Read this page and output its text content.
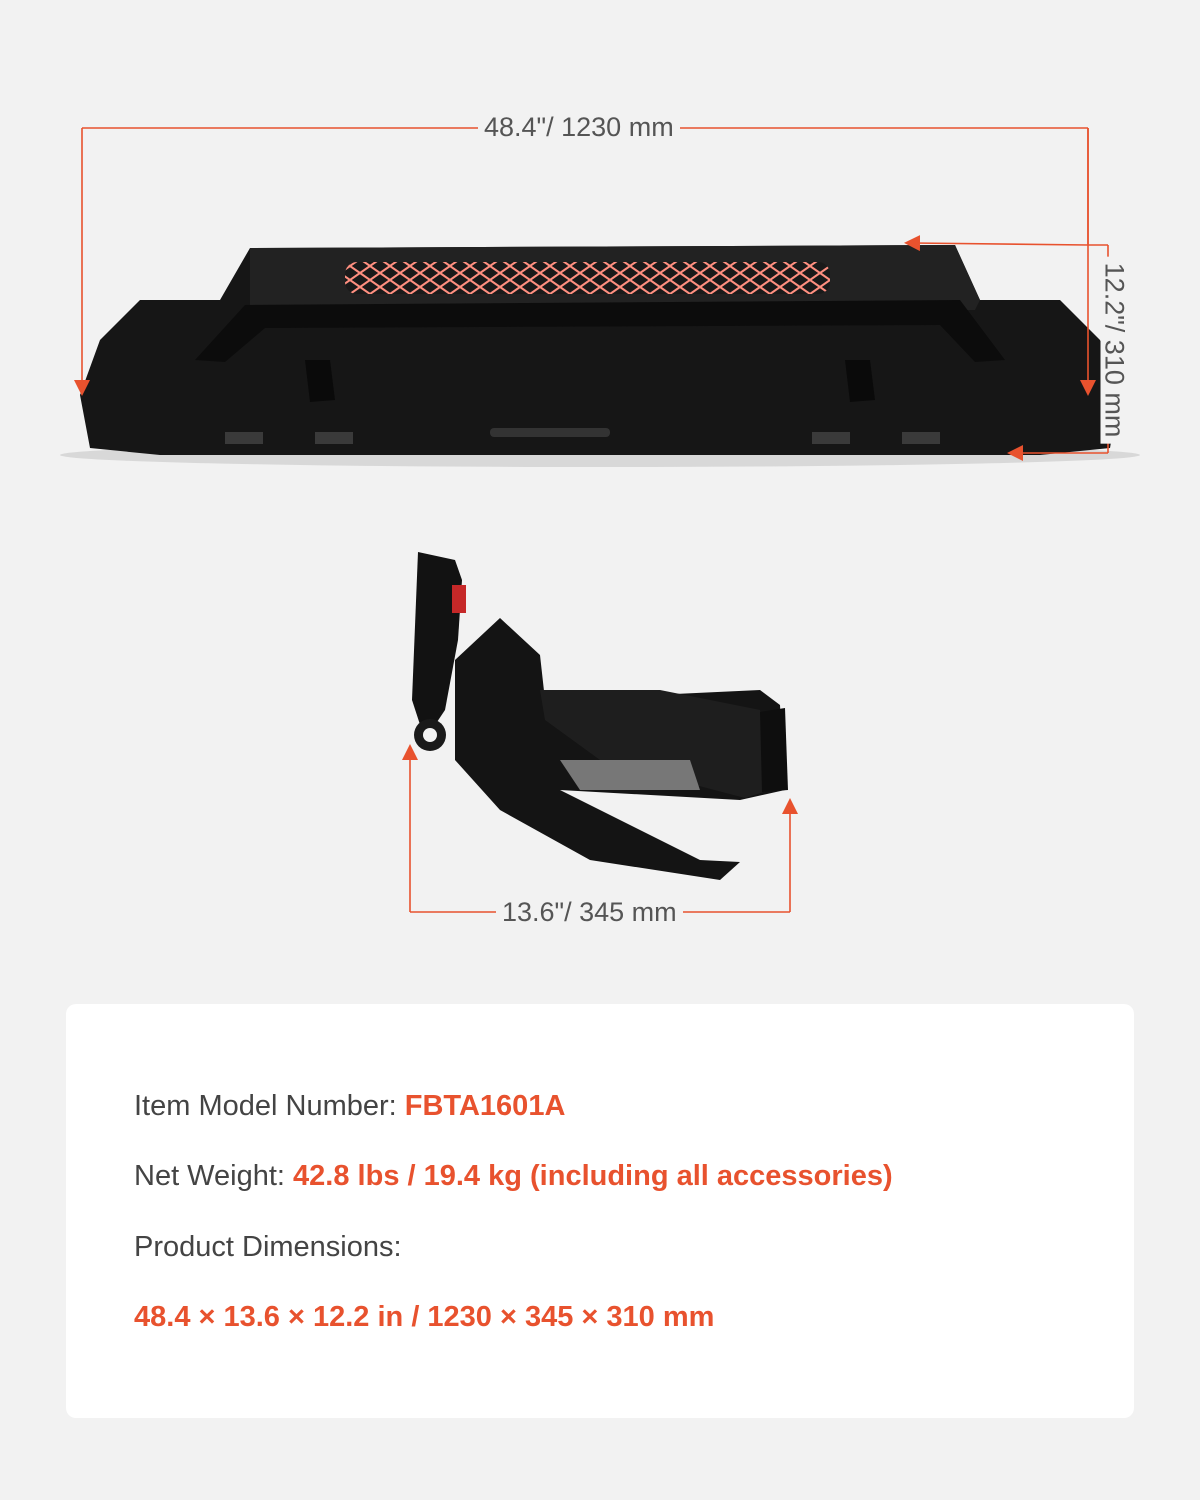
48.4"/ 1230 mm
12.2"/ 310 mm
13.6"/ 345 mm
Item Model Number: FBTA1601A
Net Weight: 42.8 lbs / 19.4 kg (including all accessories)
Product Dimensions:
48.4 × 13.6 × 12.2 in / 1230 × 345 × 310 mm
